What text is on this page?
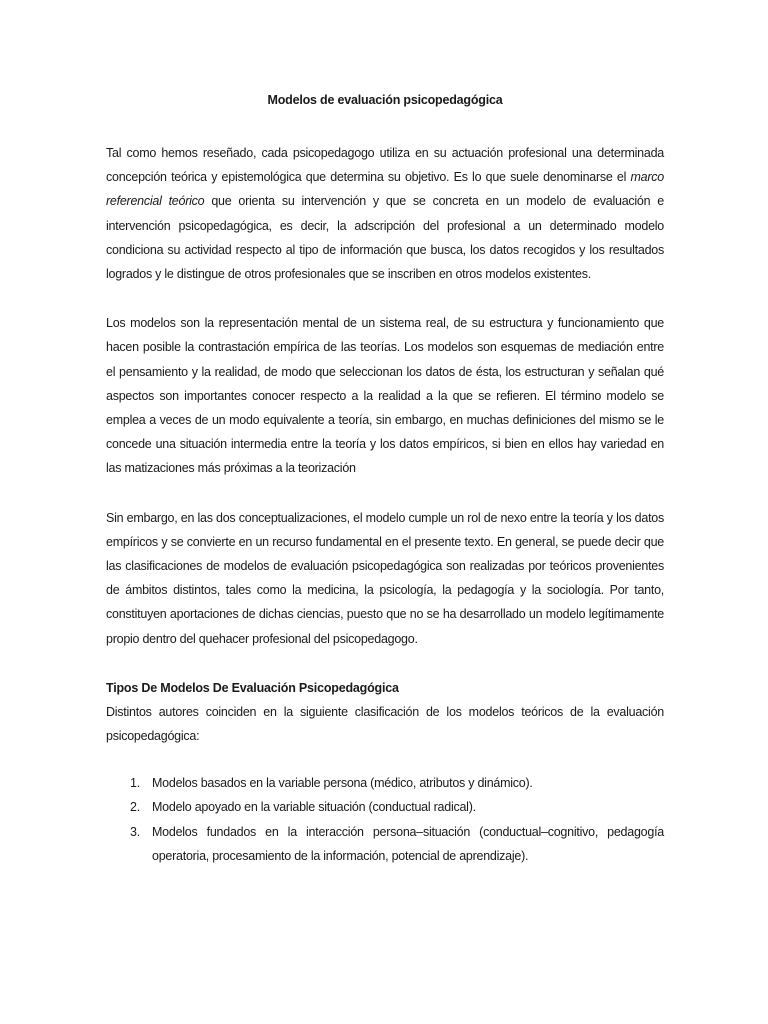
Modelos de evaluación psicopedagógica

Tal como hemos reseñado, cada psicopedagogo utiliza en su actuación profesional una determinada concepción teórica y epistemológica que determina su objetivo. Es lo que suele denominarse el marco referencial teórico que orienta su intervención y que se concreta en un modelo de evaluación e intervención psicopedagógica, es decir, la adscripción del profesional a un determinado modelo condiciona su actividad respecto al tipo de información que busca, los datos recogidos y los resultados logrados y le distingue de otros profesionales que se inscriben en otros modelos existentes.

Los modelos son la representación mental de un sistema real, de su estructura y funcionamiento que hacen posible la contrastación empírica de las teorías. Los modelos son esquemas de mediación entre el pensamiento y la realidad, de modo que seleccionan los datos de ésta, los estructuran y señalan qué aspectos son importantes conocer respecto a la realidad a la que se refieren. El término modelo se emplea a veces de un modo equivalente a teoría, sin embargo, en muchas definiciones del mismo se le concede una situación intermedia entre la teoría y los datos empíricos, si bien en ellos hay variedad en las matizaciones más próximas a la teorización

Sin embargo, en las dos conceptualizaciones, el modelo cumple un rol de nexo entre la teoría y los datos empíricos y se convierte en un recurso fundamental en el presente texto. En general, se puede decir que las clasificaciones de modelos de evaluación psicopedagógica son realizadas por teóricos provenientes de ámbitos distintos, tales como la medicina, la psicología, la pedagogía y la sociología. Por tanto, constituyen aportaciones de dichas ciencias, puesto que no se ha desarrollado un modelo legítimamente propio dentro del quehacer profesional del psicopedagogo.

Tipos De Modelos De Evaluación Psicopedagógica

Distintos autores coinciden en la siguiente clasificación de los modelos teóricos de la evaluación psicopedagógica:

1. Modelos basados en la variable persona (médico, atributos y dinámico).
2. Modelo apoyado en la variable situación (conductual radical).
3. Modelos fundados en la interacción persona–situación (conductual–cognitivo, pedagogía operatoria, procesamiento de la información, potencial de aprendizaje).
